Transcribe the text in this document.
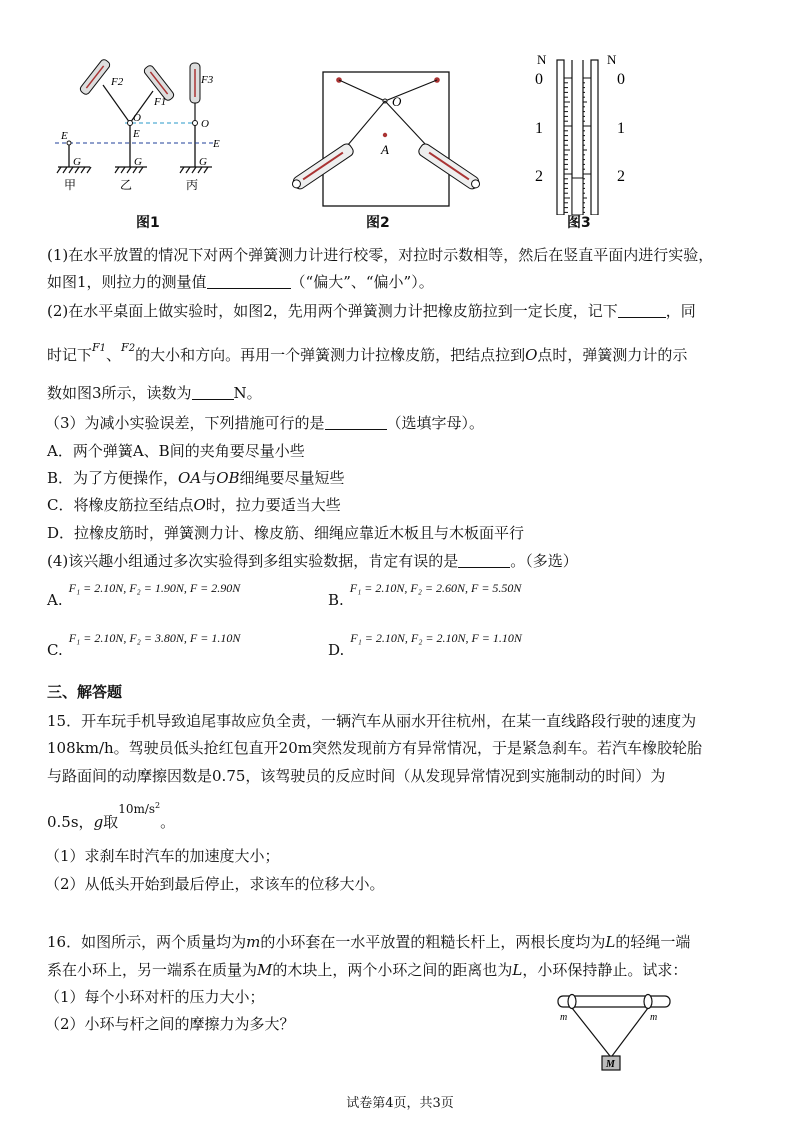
F2
F1
F3
O
E	E
O
E
G	G	G
甲	乙	丙
图1
O
A
图2
N	N
0	0
1	1
2	2
图3
(1)在水平放置的情况下对两个弹簧测力计进行校零，对拉时示数相等，然后在竖直平面内进行实验，
如图1，则拉力的测量值	（“偏大”、“偏小”）。
(2)在水平桌面上做实验时，如图2，先用两个弹簧测力计把橡皮筋拉到一定长度，记下	，同
时记下$^{F1}$、$^{F2}$的大小和方向。再用一个弹簧测力计拉橡皮筋，把结点拉到O点时，弹簧测力计的示
数如图3所示，读数为	N。
（3）为减小实验误差，下列措施可行的是	（选填字母）。
A．两个弹簧A、B间的夹角要尽量小些
B．为了方便操作，OA与OB细绳要尽量短些
C．将橡皮筋拉至结点O时，拉力要适当大些
D．拉橡皮筋时，弹簧测力计、橡皮筋、细绳应靠近木板且与木板面平行
(4)该兴趣小组通过多次实验得到多组实验数据，肯定有误的是	。（多选）
A.$^{F_1 = 2.10N, F_2 = 1.90N, F = 2.90N}$
B.$^{F_1 = 2.10N, F_2 = 2.60N, F = 5.50N}$
C.$^{F_1 = 2.10N, F_2 = 3.80N, F = 1.10N}$
D.$^{F_1 = 2.10N, F_2 = 2.10N, F = 1.10N}$
三、解答题
15．开车玩手机导致追尾事故应负全责，一辆汽车从丽水开往杭州，在某一直线路段行驶的速度为
108km/h。驾驶员低头抢红包直开20m突然发现前方有异常情况，于是紧急刹车。若汽车橡胶轮胎
与路面间的动摩擦因数是0.75，该驾驶员的反应时间（从发现异常情况到实施制动的时间）为
0.5s，g取$^{10m/s^2}$。
（1）求刹车时汽车的加速度大小；
（2）从低头开始到最后停止，求该车的位移大小。
16．如图所示，两个质量均为m的小环套在一水平放置的粗糙长杆上，两根长度均为L的轻绳一端
系在小环上，另一端系在质量为M的木块上，两个小环之间的距离也为L，小环保持静止。试求：
（1）每个小环对杆的压力大小；
（2）小环与杆之间的摩擦力为多大？	m	m
M
试卷第4页，共3页
